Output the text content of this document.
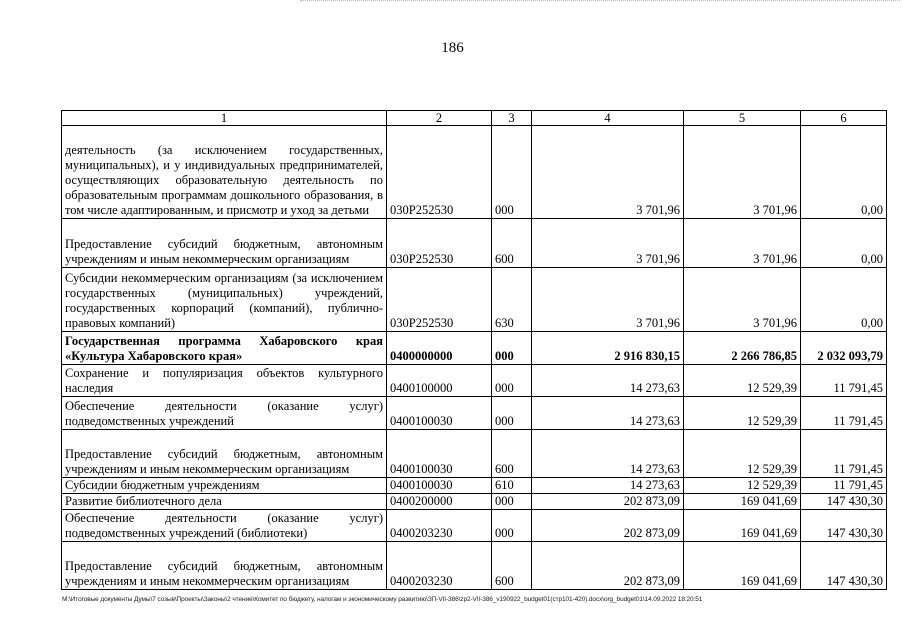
186
1	2	3	4	5	6
деятельность (за исключением государственных, муниципальных), и у индивидуальных предпринимателей, осуществляющих образовательную деятельность по образовательным программам дошкольного образования, в том числе адаптированным, и присмотр и уход за детьми	030P252530	000	3 701,96	3 701,96	0,00
Предоставление субсидий бюджетным, автономным учреждениям и иным некоммерческим организациям	030P252530	600	3 701,96	3 701,96	0,00
Субсидии некоммерческим организациям (за исключением государственных (муниципальных) учреждений, государственных корпораций (компаний), публично-правовых компаний)	030P252530	630	3 701,96	3 701,96	0,00
Государственная программа Хабаровского края «Культура Хабаровского края»	0400000000	000	2 916 830,15	2 266 786,85	2 032 093,79
Сохранение и популяризация объектов культурного наследия	0400100000	000	14 273,63	12 529,39	11 791,45
Обеспечение деятельности (оказание услуг) подведомственных учреждений	0400100030	000	14 273,63	12 529,39	11 791,45
Предоставление субсидий бюджетным, автономным учреждениям и иным некоммерческим организациям	0400100030	600	14 273,63	12 529,39	11 791,45
Субсидии бюджетным учреждениям	0400100030	610	14 273,63	12 529,39	11 791,45
Развитие библиотечного дела	0400200000	000	202 873,09	169 041,69	147 430,30
Обеспечение деятельности (оказание услуг) подведомственных учреждений (библиотеки)	0400203230	000	202 873,09	169 041,69	147 430,30
Предоставление субсидий бюджетным, автономным учреждениям и иным некоммерческим организациям	0400203230	600	202 873,09	169 041,69	147 430,30
M:\Итоговые документы Думы\7 созыв\Проекты\Законы\2 чтение\Комитет по бюджету, налогам и экономическому развитию\ЗП-VII-386\zp2-VII-386_v190922_budget01(стр101-420).docx\org_budget01\14.09.2022 18:20:51
